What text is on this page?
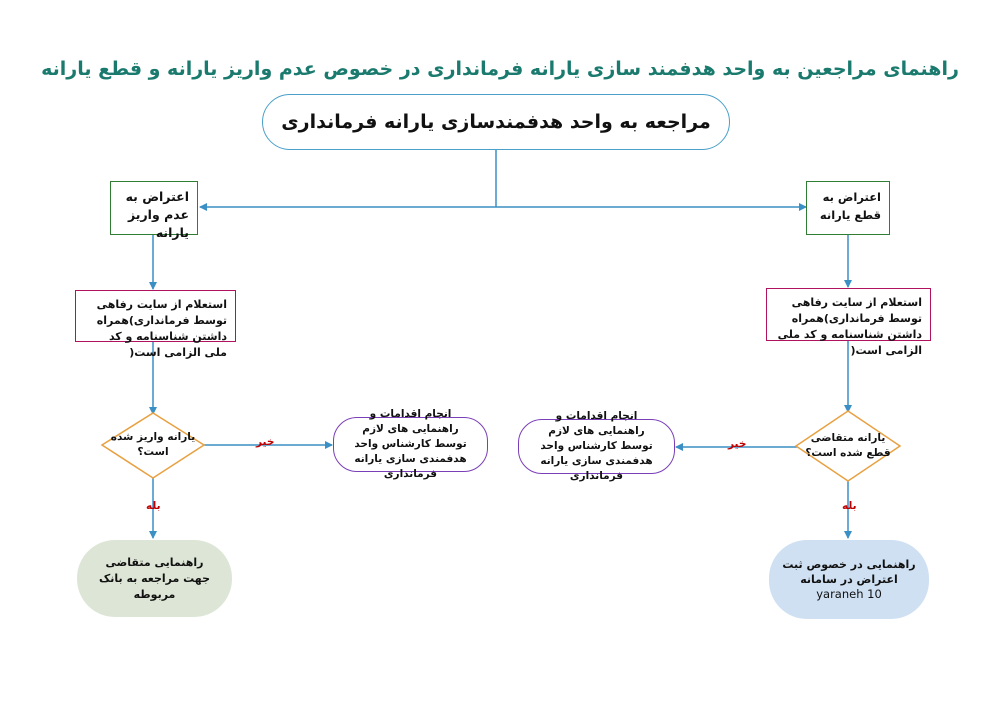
راهنمای مراجعین به واحد هدفمند سازی یارانه فرمانداری در خصوص عدم واریز یارانه و قطع یارانه
مراجعه به واحد هدفمندسازی یارانه فرمانداری
اعتراض به عدم واریز یارانه
استعلام از سایت رفاهی توسط فرمانداری)همراه داشتن شناسنامه و کد ملی الزامی است(
یارانه واریز شده است؟
انجام اقدامات و راهنمایی های لازم توسط کارشناس واحد هدفمندی سازی یارانه فرمانداری
راهنمایی متقاضی جهت مراجعه به بانک مربوطه
خیر
بله
اعتراض به قطع یارانه
استعلام از سایت رفاهی توسط فرمانداری)همراه داشتن شناسنامه و کد ملی الزامی است(
یارانه متقاضی قطع شده است؟
انجام اقدامات و راهنمایی های لازم توسط کارشناس واحد هدفمندی سازی یارانه فرمانداری
راهنمایی در خصوص ثبت اعتراض در سامانه
yaraneh 10
خیر
بله
